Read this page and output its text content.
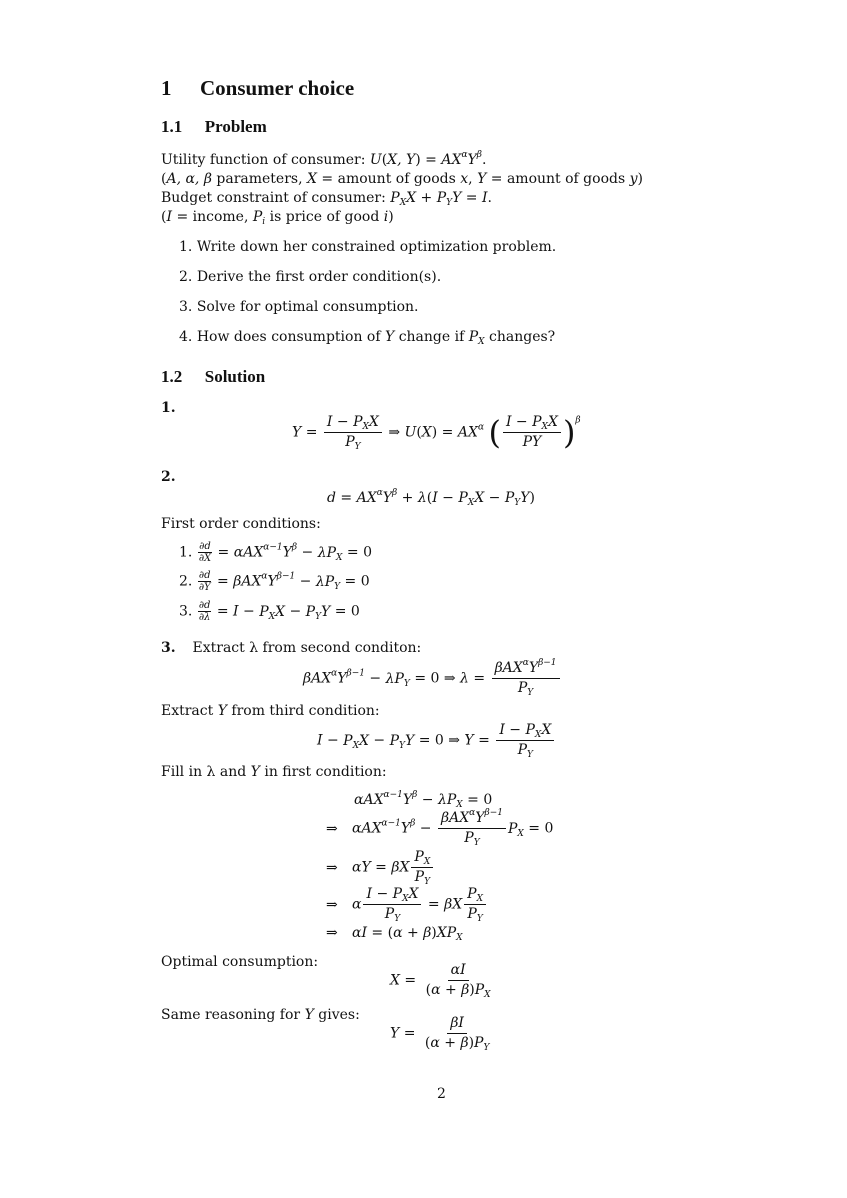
1 Consumer choice
1.1 Problem
Utility function of consumer: U(X, $Y) = AX^\alpha Y^\beta$.
(A, α, β parameters, X = amount of goods x, Y = amount of goods y)
Budget constraint of consumer: $P_XX + P_YY = I$.
(I = income, $P_i$ is price of good i)
1. Write down her constrained optimization problem.
2. Derive the first order condition(s).
3. Solve for optimal consumption.
4. How does consumption of Y change if $P_X$ changes?
1.2 Solution
1.
$Y = \frac{I - P_XX}{P_Y}$ ⇒ $U(X) = AX^\alpha$ ( $\frac{I - P_XX}{PY} )^\beta$
2.
$d = AX^\alpha Y^\beta + \lambda(I - P_XX - P_YY)$
First order conditions:
1. $\frac{\partial d}{\partial X} = \alpha AX^{\alpha-1}Y^\beta - \lambda P_X = 0$
2. $\frac{\partial d}{\partial Y} = \beta AX^\alpha Y^{\beta-1} - \lambda P_Y = 0$
3. $\frac{\partial d}{\partial\lambda} = I - P_XX - P_YY = 0$
3. Extract λ from second conditon:
$\beta AX^\alpha Y^{\beta-1} - \lambda P_Y = 0$ ⇒ $\lambda = \frac{\beta AX^\alpha Y^{\beta-1}}{P_Y}$
Extract Y from third condition:
$I - P_XX - P_YY = 0$ ⇒ $Y = \frac{I - P_XX}{P_Y}$
Fill in λ and Y in first condition:
$\alpha AX^{\alpha-1}Y^\beta - \lambda P_X = 0$
⇒ $\alpha AX^{\alpha-1}Y^\beta - \frac{\beta AX^\alpha Y^{\beta-1}}{P_Y} P_X = 0$
⇒ αY = βX $\frac{P_X}{P_Y}$
⇒ α $\frac{I - P_XX}{P_Y} = \beta X \frac{P_X}{P_Y}$
⇒ $\alpha I = (\alpha + \beta)XP_X$
Optimal consumption:
$X = \frac{\alpha I}{(\alpha + \beta)P_X}$
Same reasoning for Y gives:
$Y = \frac{\beta I}{(\alpha + \beta)P_Y}$
2
